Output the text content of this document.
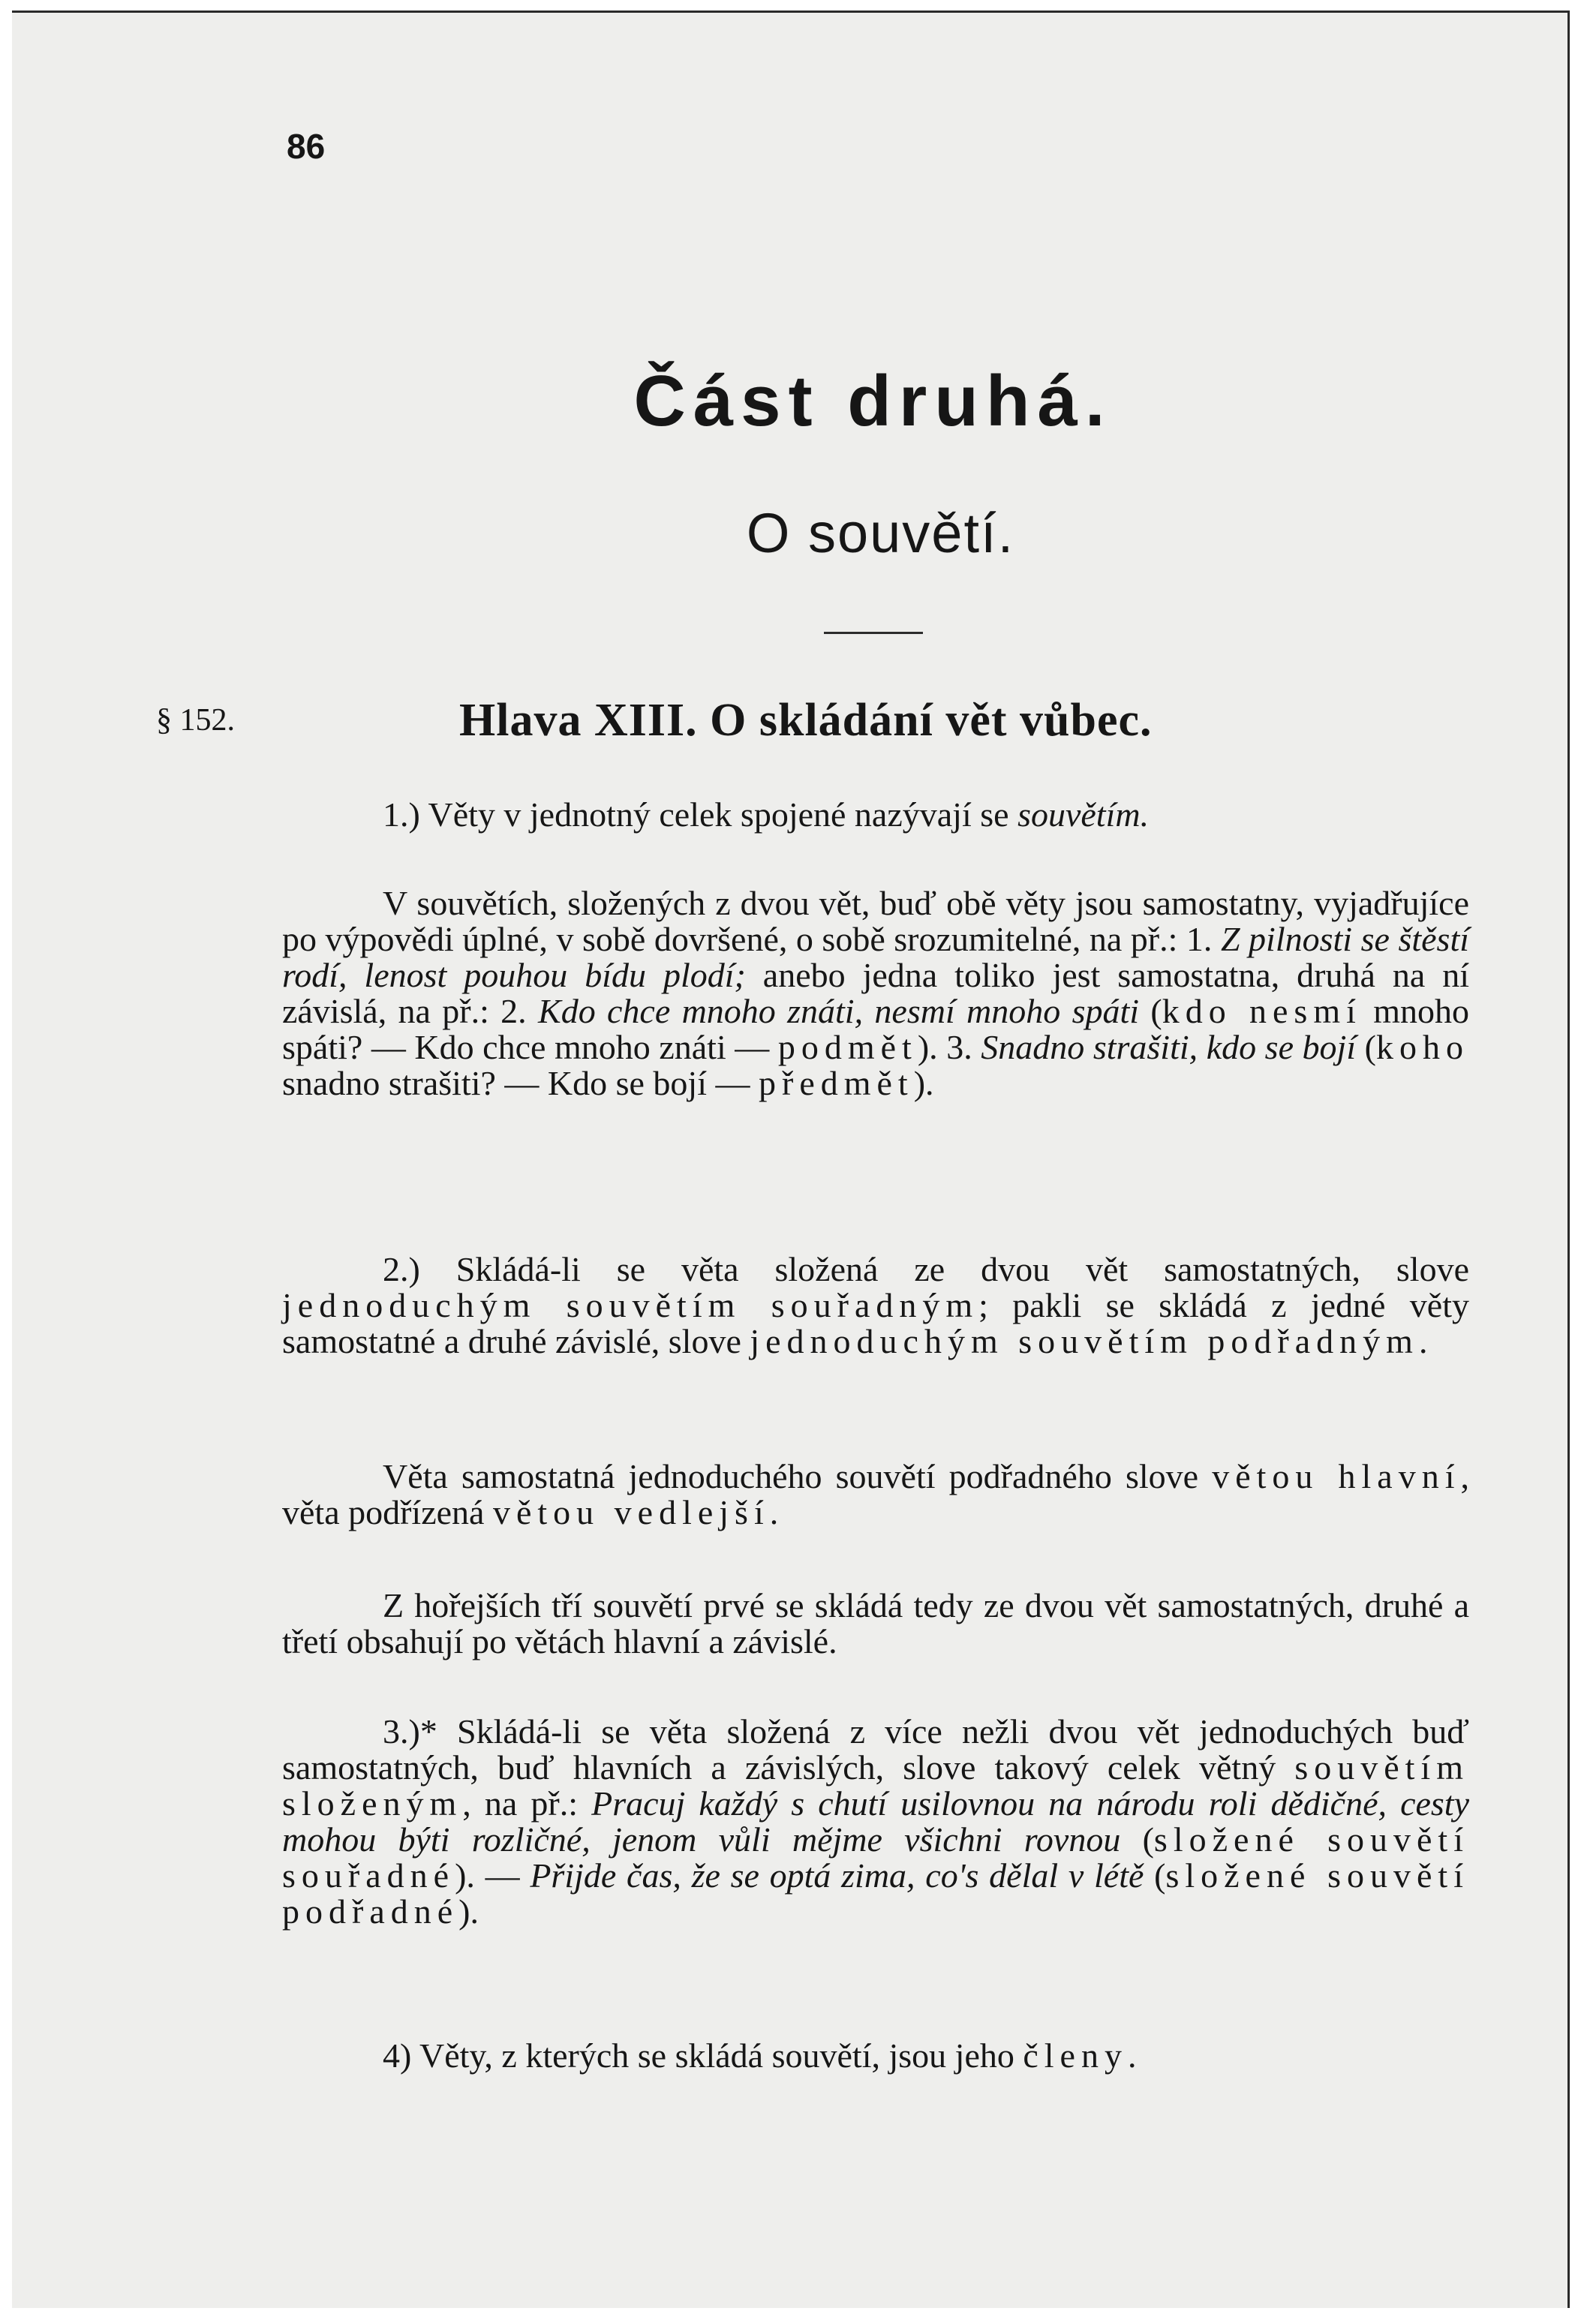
86
Část druhá.
O souvětí.
§ 152.	Hlava XIII. O skládání vět vůbec.
1.) Věty v jednotný celek spojené nazývají se souvětím.
V souvětích, složených z dvou vět, buď obě věty jsou samostatny, vyjadřujíce po výpovědi úplné, v sobě dovršené, o sobě srozumitelné, na př.: 1. Z pilnosti se štěstí rodí, lenost pouhou bídu plodí; anebo jedna toliko jest samostatna, druhá na ní závislá, na př.: 2. Kdo chce mnoho znáti, nesmí mnoho spáti (kdo nesmí mnoho spáti? — Kdo chce mnoho znáti — podmět). 3. Snadno strašiti, kdo se bojí (koho snadno strašiti? — Kdo se bojí — předmět).
2.) Skládá-li se věta složená ze dvou vět samostatných, slove jednoduchým souvětím souřadným; pakli se skládá z jedné věty samostatné a druhé závislé, slove jednoduchým souvětím podřadným.
Věta samostatná jednoduchého souvětí podřadného slove větou hlavní, věta podřízená větou vedlejší.
Z hořejších tří souvětí prvé se skládá tedy ze dvou vět samostatných, druhé a třetí obsahují po větách hlavní a závislé.
3.)* Skládá-li se věta složená z více nežli dvou vět jednoduchých buď samostatných, buď hlavních a závislých, slove takový celek větný souvětím složeným, na př.: Pracuj každý s chutí usilovnou na národu roli dědičné, cesty mohou býti rozličné, jenom vůli mějme všichni rovnou (složené souvětí souřadné). — Přijde čas, že se optá zima, co's dělal v létě (složené souvětí podřadné).
4) Věty, z kterých se skládá souvětí, jsou jeho členy.
